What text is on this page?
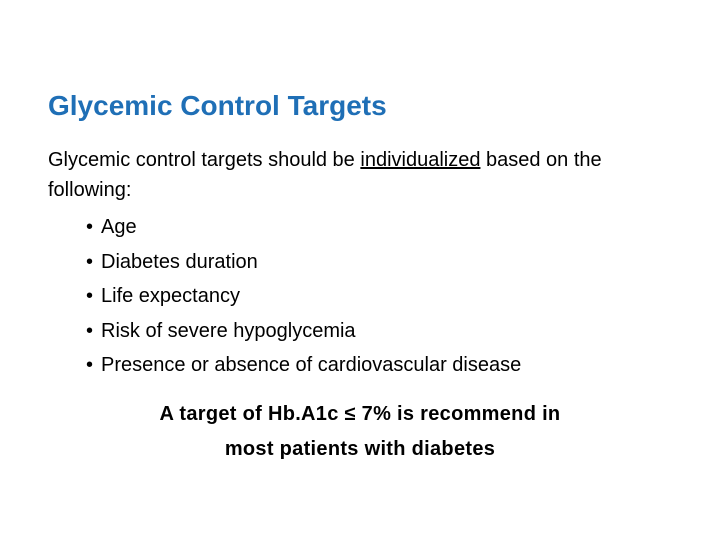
Glycemic Control Targets
Glycemic control targets should be individualized based on the following:
• Age
• Diabetes duration
• Life expectancy
• Risk of severe hypoglycemia
• Presence or absence of cardiovascular disease
A target of Hb.A1c ≤ 7% is recommend in
most patients with diabetes
